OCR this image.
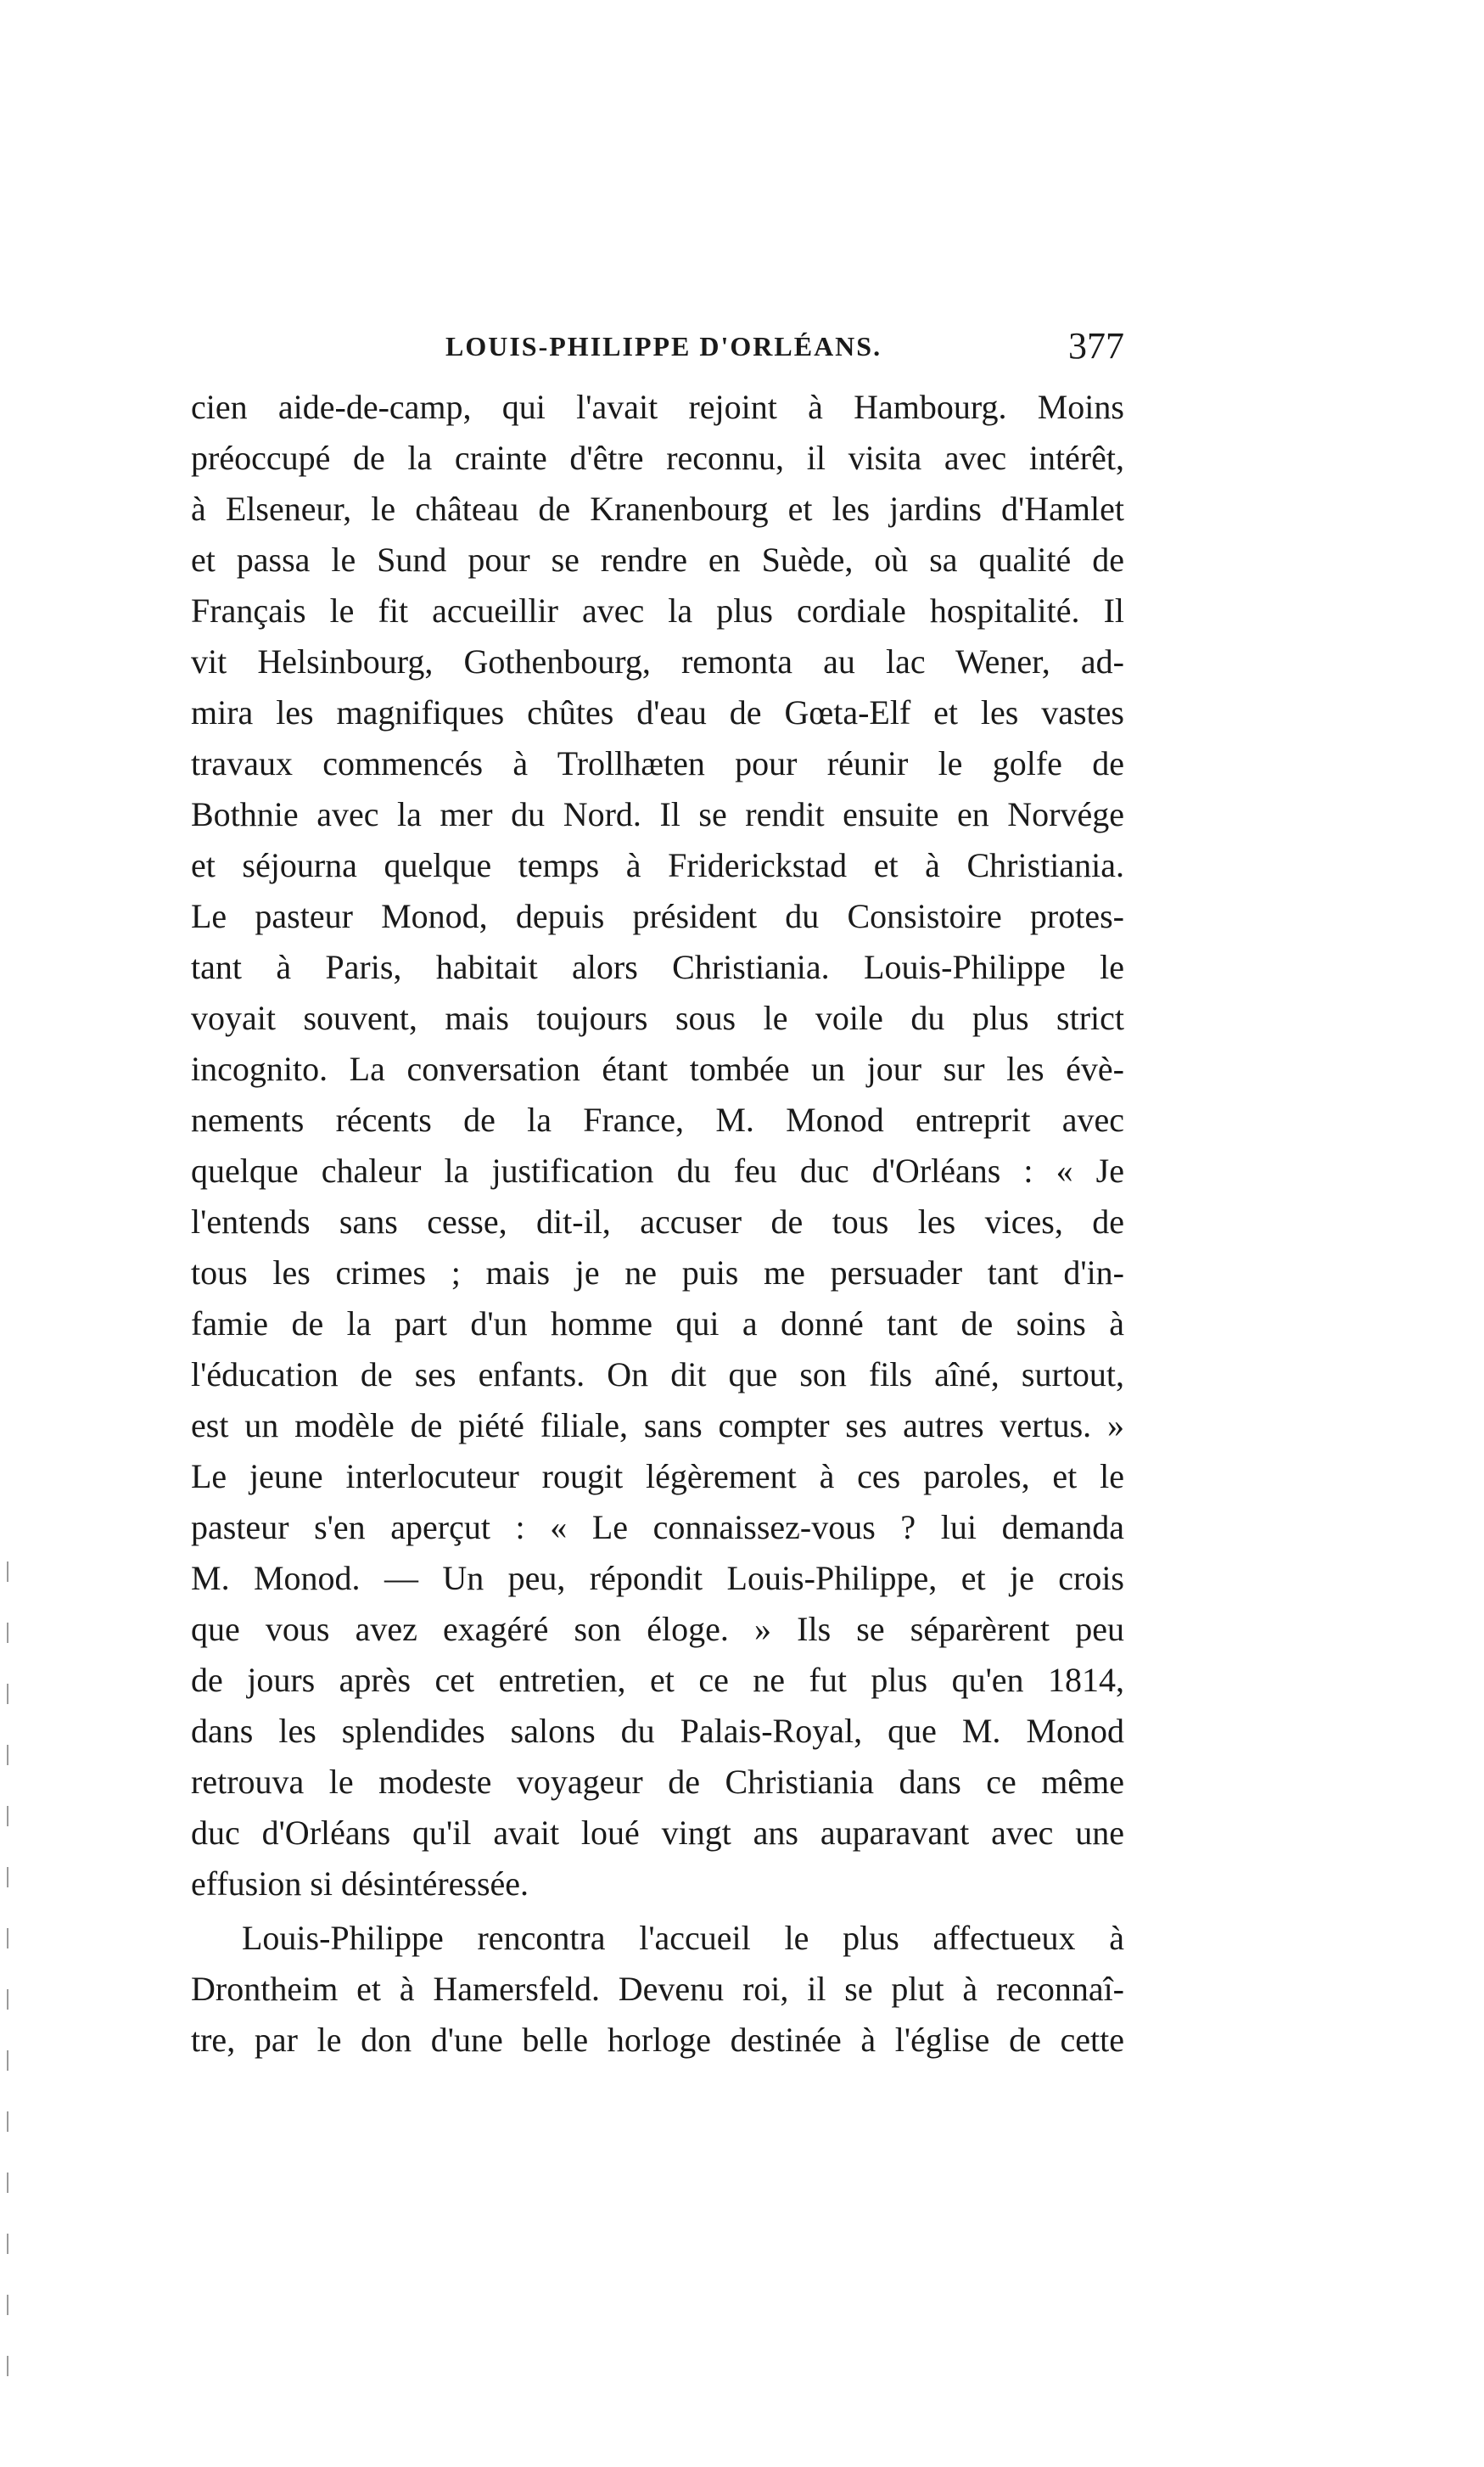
LOUIS-PHILIPPE D'ORLÉANS.	377
cien aide-de-camp, qui l'avait rejoint à Hambourg. Moins
préoccupé de la crainte d'être reconnu, il visita avec intérêt,
à Elseneur, le château de Kranenbourg et les jardins d'Hamlet
et passa le Sund pour se rendre en Suède, où sa qualité de
Français le fit accueillir avec la plus cordiale hospitalité. Il
vit Helsinbourg, Gothenbourg, remonta au lac Wener, ad-
mira les magnifiques chûtes d'eau de Gœta-Elf et les vastes
travaux commencés à Trollhæten pour réunir le golfe de
Bothnie avec la mer du Nord. Il se rendit ensuite en Norvége
et séjourna quelque temps à Friderickstad et à Christiania.
Le pasteur Monod, depuis président du Consistoire protes-
tant à Paris, habitait alors Christiania. Louis-Philippe le
voyait souvent, mais toujours sous le voile du plus strict
incognito. La conversation étant tombée un jour sur les évè-
nements récents de la France, M. Monod entreprit avec
quelque chaleur la justification du feu duc d'Orléans : « Je
l'entends sans cesse, dit-il, accuser de tous les vices, de
tous les crimes ; mais je ne puis me persuader tant d'in-
famie de la part d'un homme qui a donné tant de soins à
l'éducation de ses enfants. On dit que son fils aîné, surtout,
est un modèle de piété filiale, sans compter ses autres vertus. »
Le jeune interlocuteur rougit légèrement à ces paroles, et le
pasteur s'en aperçut : « Le connaissez-vous ? lui demanda
M. Monod. — Un peu, répondit Louis-Philippe, et je crois
que vous avez exagéré son éloge. » Ils se séparèrent peu
de jours après cet entretien, et ce ne fut plus qu'en 1814,
dans les splendides salons du Palais-Royal, que M. Monod
retrouva le modeste voyageur de Christiania dans ce même
duc d'Orléans qu'il avait loué vingt ans auparavant avec une
effusion si désintéressée.
Louis-Philippe rencontra l'accueil le plus affectueux à
Drontheim et à Hamersfeld. Devenu roi, il se plut à reconnaî-
tre, par le don d'une belle horloge destinée à l'église de cette
